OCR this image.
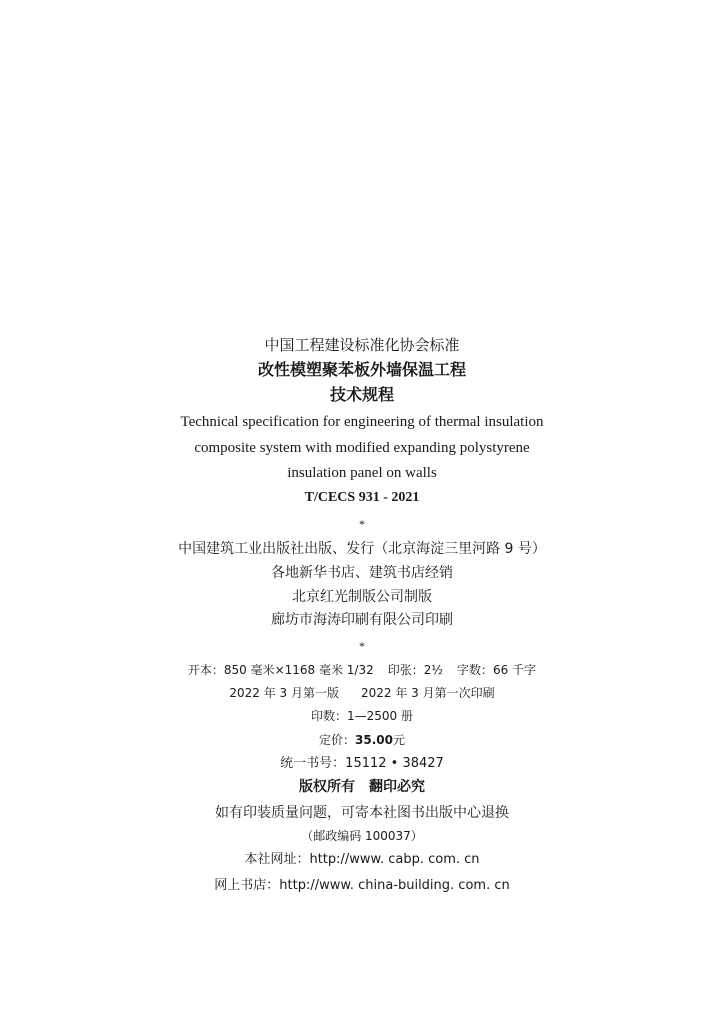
中国工程建设标准化协会标准
改性模塑聚苯板外墙保温工程
技术规程
Technical specification for engineering of thermal insulation
composite system with modified expanding polystyrene
insulation panel on walls
T/CECS 931 - 2021
*
中国建筑工业出版社出版、发行（北京海淀三里河路 9 号）
各地新华书店、建筑书店经销
北京红光制版公司制版
廊坊市海涛印刷有限公司印刷
*
开本：850 毫米×1168 毫米 1/32 印张：2½ 字数：66 千字
2022 年 3 月第一版 2022 年 3 月第一次印刷
印数：1—2500 册
定价：35.00元
统一书号：15112 • 38427
版权所有 翻印必究
如有印装质量问题，可寄本社图书出版中心退换
（邮政编码 100037）
本社网址：http://www. cabp. com. cn
网上书店：http://www. china-building. com. cn
